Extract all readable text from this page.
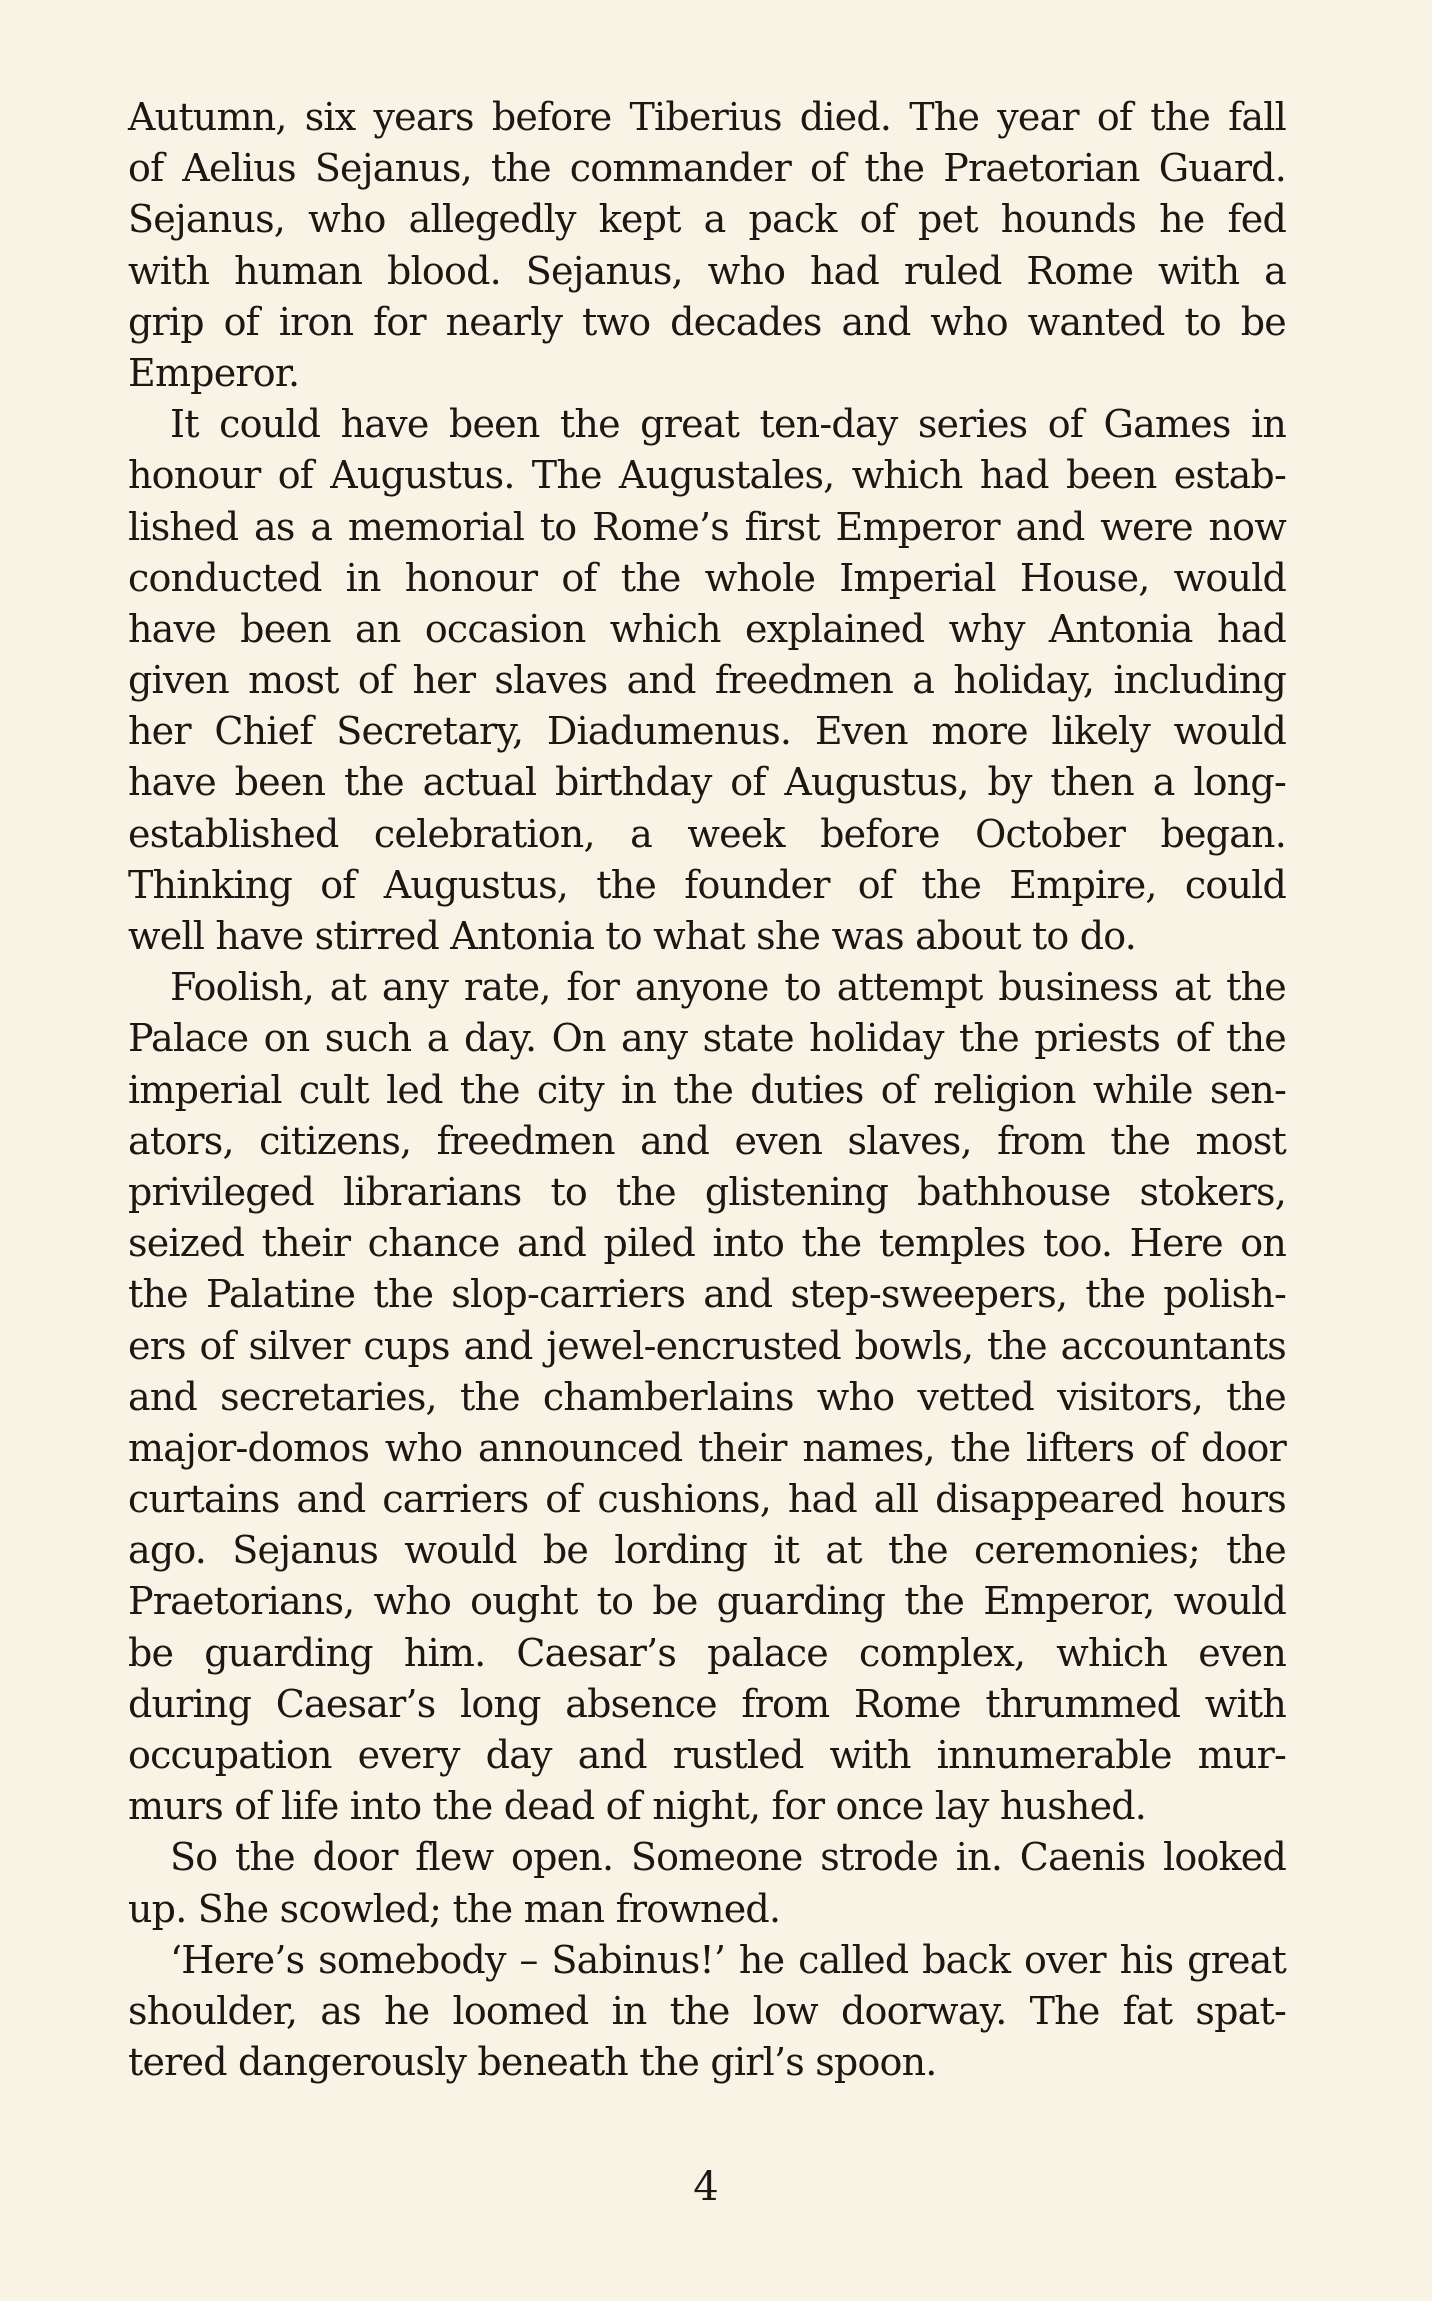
Autumn, six years before Tiberius died. The year of the fall
of Aelius Sejanus, the commander of the Praetorian Guard.
Sejanus, who allegedly kept a pack of pet hounds he fed
with human blood. Sejanus, who had ruled Rome with a
grip of iron for nearly two decades and who wanted to be
Emperor.
It could have been the great ten-day series of Games in
honour of Augustus. The Augustales, which had been estab-
lished as a memorial to Rome’s first Emperor and were now
conducted in honour of the whole Imperial House, would
have been an occasion which explained why Antonia had
given most of her slaves and freedmen a holiday, including
her Chief Secretary, Diadumenus. Even more likely would
have been the actual birthday of Augustus, by then a long-
established celebration, a week before October began.
Thinking of Augustus, the founder of the Empire, could
well have stirred Antonia to what she was about to do.
Foolish, at any rate, for anyone to attempt business at the
Palace on such a day. On any state holiday the priests of the
imperial cult led the city in the duties of religion while sen-
ators, citizens, freedmen and even slaves, from the most
privileged librarians to the glistening bathhouse stokers,
seized their chance and piled into the temples too. Here on
the Palatine the slop-carriers and step-sweepers, the polish-
ers of silver cups and jewel-encrusted bowls, the accountants
and secretaries, the chamberlains who vetted visitors, the
major-domos who announced their names, the lifters of door
curtains and carriers of cushions, had all disappeared hours
ago. Sejanus would be lording it at the ceremonies; the
Praetorians, who ought to be guarding the Emperor, would
be guarding him. Caesar’s palace complex, which even
during Caesar’s long absence from Rome thrummed with
occupation every day and rustled with innumerable mur-
murs of life into the dead of night, for once lay hushed.
So the door flew open. Someone strode in. Caenis looked
up. She scowled; the man frowned.
‘Here’s somebody – Sabinus!’ he called back over his great
shoulder, as he loomed in the low doorway. The fat spat-
tered dangerously beneath the girl’s spoon.
4
